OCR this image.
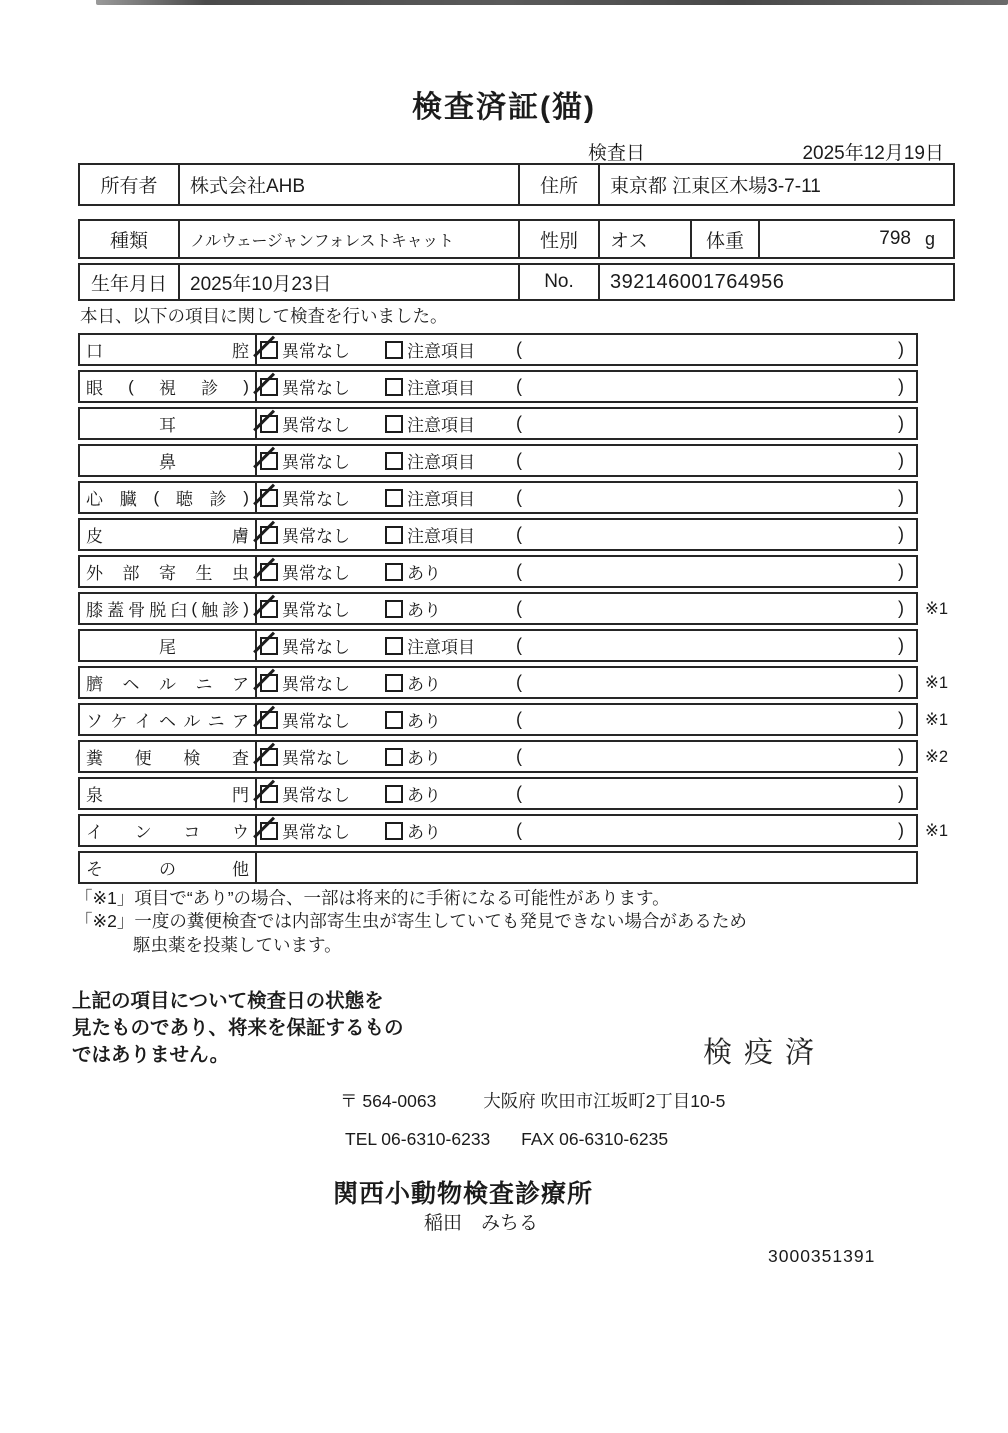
検査済証(猫)
検査日	2025年12月19日
所有者	株式会社AHB	住所	東京都 江東区木場3-7-11
種類	ノルウェージャンフォレストキャット	性別	オス	体重	798 g
生年月日	2025年10月23日	No.	392146001764956
本日、以下の項目に関して検査を行いました。
口	腔 異常なし	注意項目 (	)
眼 ( 視 診 ) 異常なし	注意項目 (	)
耳	異常なし	注意項目 (	)
鼻	異常なし	注意項目 (	)
心 臓 ( 聴 診 ) 異常なし	注意項目 (	)
皮	膚 異常なし	注意項目 (	)
外 部 寄 生 虫 異常なし	あり	(	)
膝 蓋 骨 脱 臼 ( 触 診 ) 異常なし	あり	(	) ※1
尾	異常なし	注意項目 (	)
臍 ヘ ル ニ ア 異常なし	あり	(	) ※1
ソ ケ イ ヘ ル ニ ア 異常なし	あり	(	) ※1
糞 便 検 査 異常なし	あり	(	) ※2
泉	門 異常なし	あり	(	)
イ ン コ ウ 異常なし	あり	(	) ※1
そ	の	他
「※1」項目で“あり”の場合、一部は将来的に手術になる可能性があります。
「※2」一度の糞便検査では内部寄生虫が寄生していても発見できない場合があるため
駆虫薬を投薬しています。
上記の項目について検査日の状態を
見たものであり、将来を保証するもの
ではありません。	検疫済
〒 564-0063	大阪府 吹田市江坂町2丁目10-5
TEL 06-6310-6233 FAX 06-6310-6235
関西小動物検査診療所
稲田　みちる
3000351391
